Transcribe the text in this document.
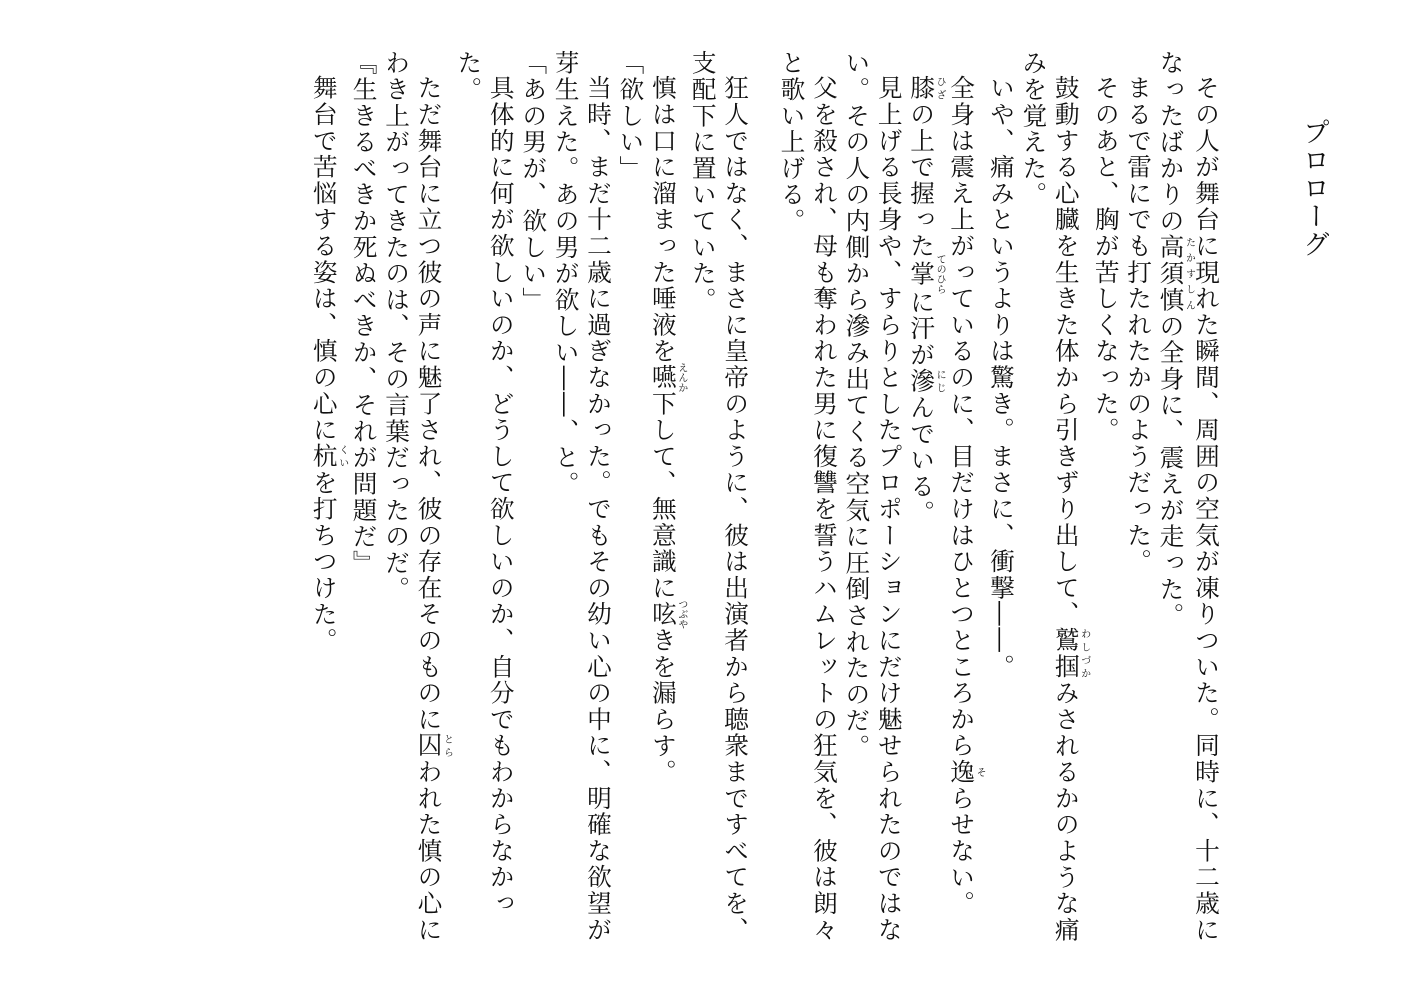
プロローグ

その人が舞台に現れた瞬間、周囲の空気が凍りついた。同時に、十二歳になったばかりの高須慎たかすしんの全身に、震えが走った。

まるで雷にでも打たれたかのようだった。

そのあと、胸が苦しくなった。

鼓動する心臓を生きた体から引きずり出して、鷲掴わしづかみされるかのような痛みを覚えた。

いや、痛みというよりは驚き。まさに、衝撃――。

全身は震え上がっているのに、目だけはひとつところから逸そらせない。

膝ひざの上で握った掌てのひらに汗が滲にじんでいる。

見上げる長身や、すらりとしたプロポーションにだけ魅せられたのではない。その人の内側から滲み出てくる空気に圧倒されたのだ。

父を殺され、母も奪われた男に復讐を誓うハムレットの狂気を、彼は朗々と歌い上げる。

狂人ではなく、まさに皇帝のように、彼は出演者から聴衆まですべてを、支配下に置いていた。

慎は口に溜まった唾液を嚥えんか下して、無意識に呟つぶやきを漏らす。

「欲しい」

当時、まだ十二歳に過ぎなかった。でもその幼い心の中に、明確な欲望が芽生えた。あの男が欲しい――、と。

「あの男が、欲しい」

具体的に何が欲しいのか、どうして欲しいのか、自分でもわからなかった。

ただ舞台に立つ彼の声に魅了され、彼の存在そのものに囚とらわれた慎の心にわき上がってきたのは、その言葉だったのだ。

『生きるべきか死ぬべきか、それが問題だ』

舞台で苦悩する姿は、慎の心に杭くいを打ちつけた。
